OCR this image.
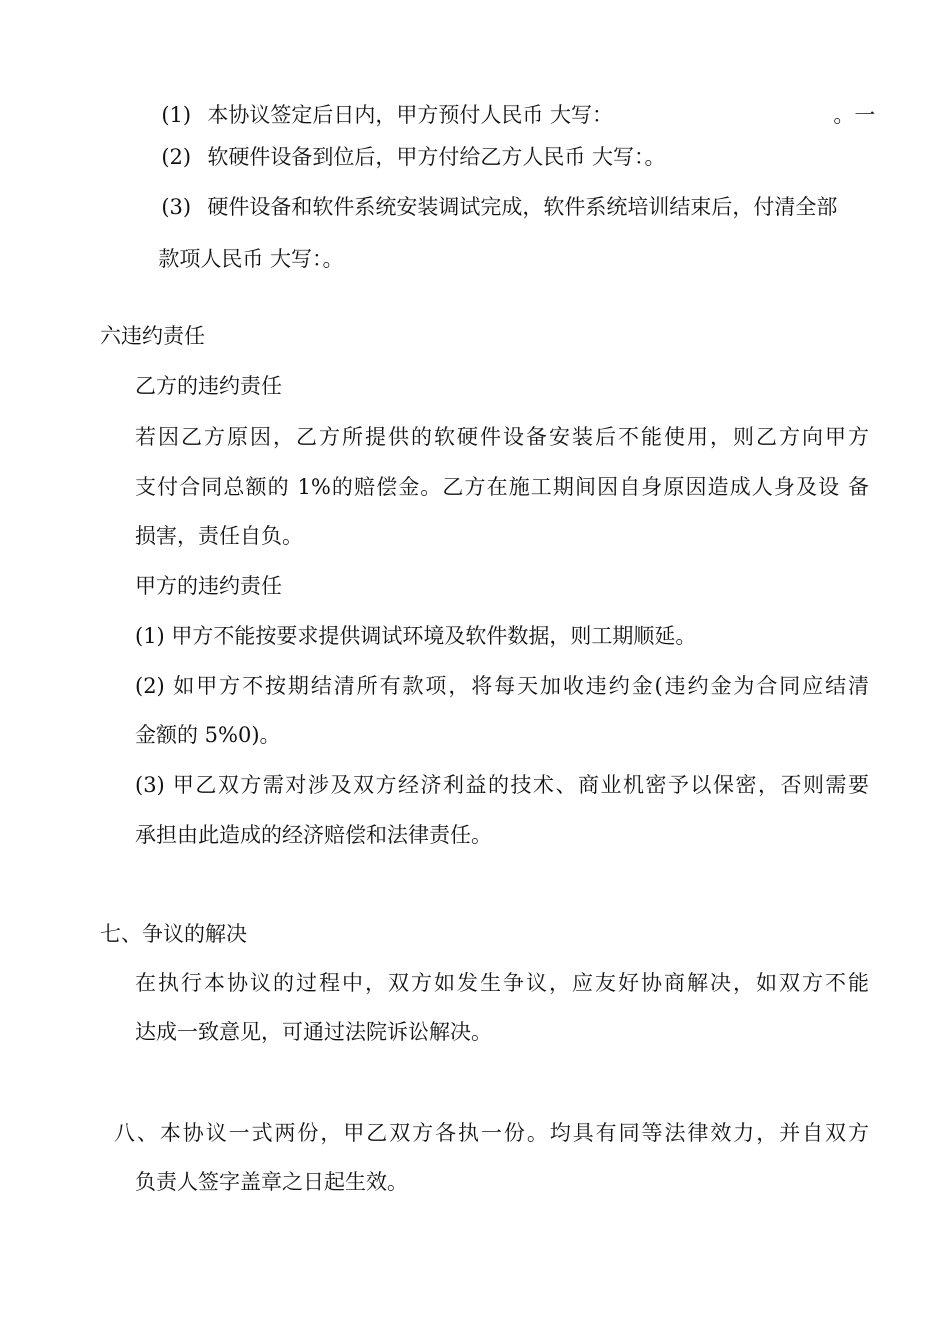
(1) 本协议签定后日内，甲方预付人民币 大写：	。一

(2) 软硬件设备到位后，甲方付给乙方人民币 大写：。

(3) 硬件设备和软件系统安装调试完成，软件系统培训结束后，付清全部

款项人民币 大写：。

六违约责任
乙方的违约责任
若因乙方原因，乙方所提供的软硬件设备安装后不能使用，则乙方向甲方
支付合同总额的 1%的赔偿金。乙方在施工期间因自身原因造成人身及设 备
损害，责任自负。
甲方的违约责任
(1) 甲方不能按要求提供调试环境及软件数据，则工期顺延。
(2) 如甲方不按期结清所有款项，将每天加收违约金(违约金为合同应结清
金额的 5%0)。
(3) 甲乙双方需对涉及双方经济利益的技术、商业机密予以保密，否则需要
承担由此造成的经济赔偿和法律责任。
七、争议的解决
在执行本协议的过程中，双方如发生争议，应友好协商解决，如双方不能
达成一致意见，可通过法院诉讼解决。
八、本协议一式两份，甲乙双方各执一份。均具有同等法律效力，并自双方
负责人签字盖章之日起生效。
